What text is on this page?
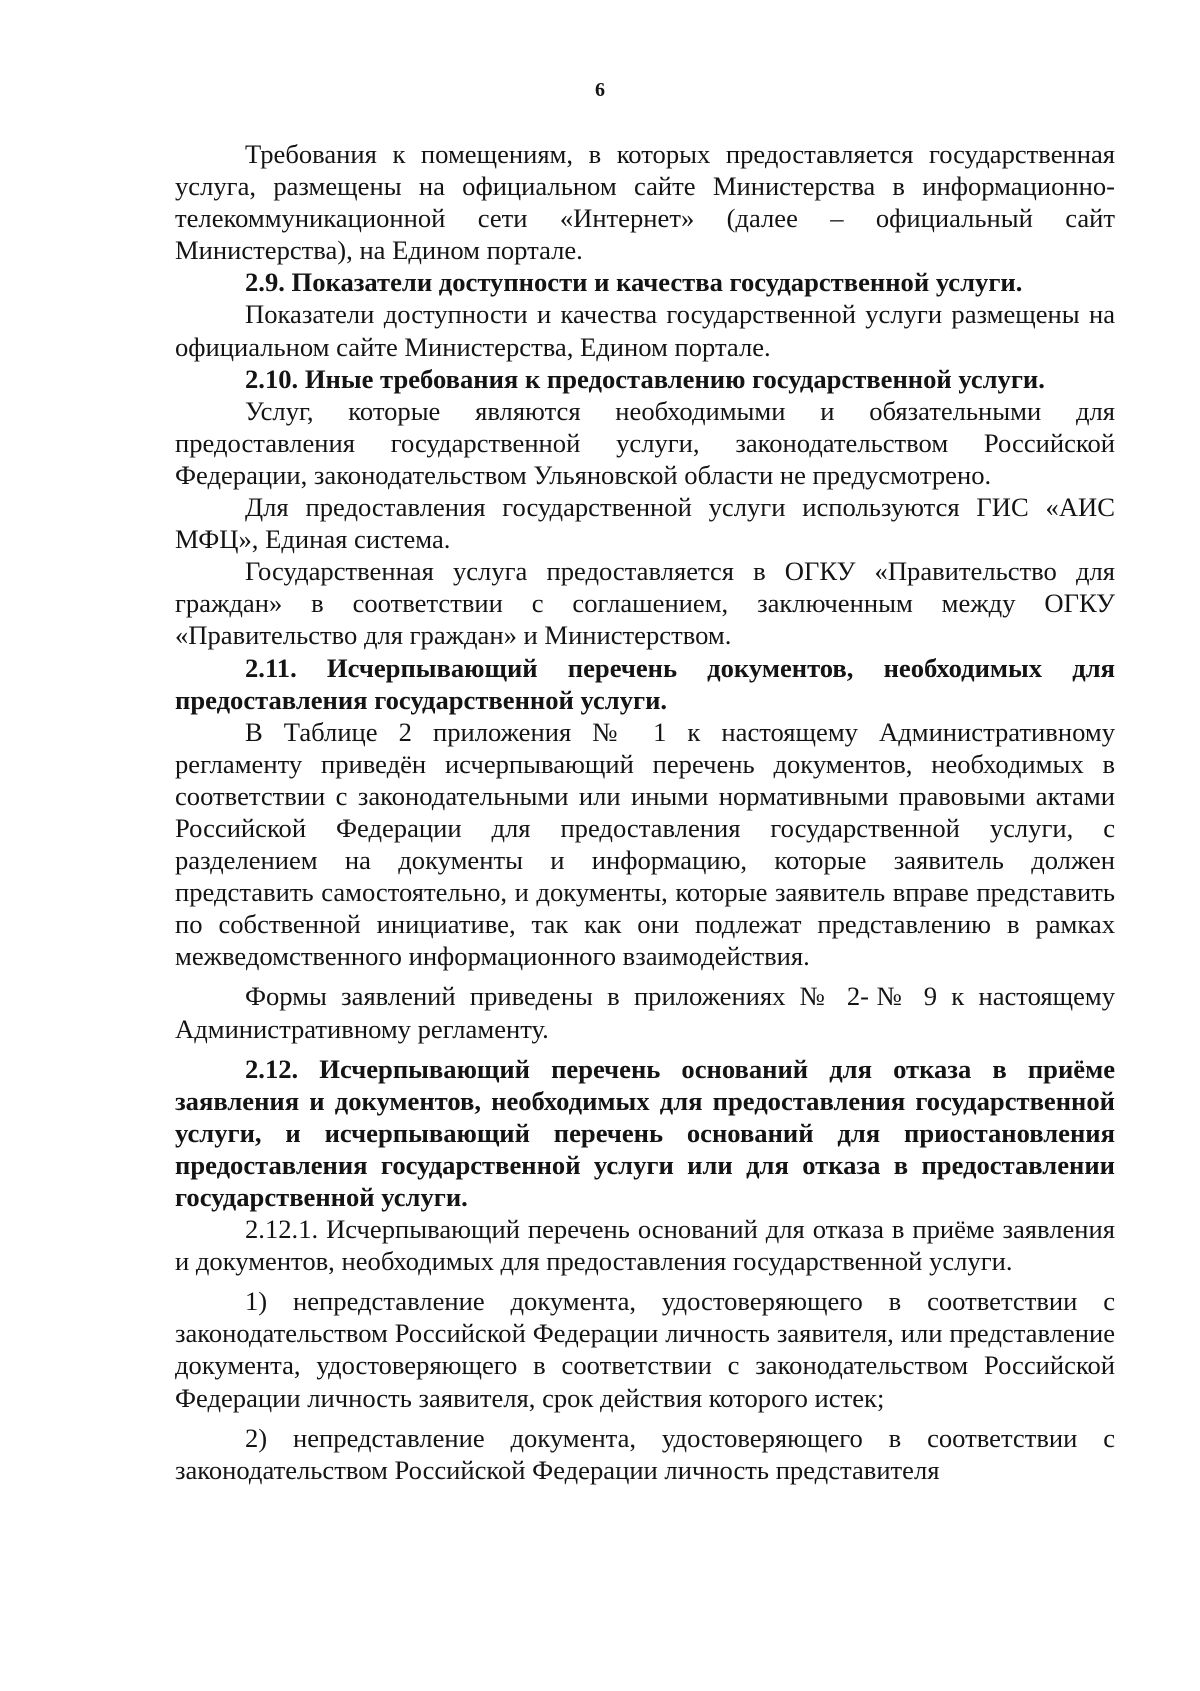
6

Требования к помещениям, в которых предоставляется государственная услуга, размещены на официальном сайте Министерства в информационно-телекоммуникационной сети «Интернет» (далее – официальный сайт Министерства), на Едином портале.

2.9. Показатели доступности и качества государственной услуги.

Показатели доступности и качества государственной услуги размещены на официальном сайте Министерства, Едином портале.

2.10. Иные требования к предоставлению государственной услуги.

Услуг, которые являются необходимыми и обязательными для предоставления государственной услуги, законодательством Российской Федерации, законодательством Ульяновской области не предусмотрено.

Для предоставления государственной услуги используются ГИС «АИС МФЦ», Единая система.

Государственная услуга предоставляется в ОГКУ «Правительство для граждан» в соответствии с соглашением, заключенным между ОГКУ «Правительство для граждан» и Министерством.

2.11. Исчерпывающий перечень документов, необходимых для предоставления государственной услуги.

В Таблице 2 приложения № 1 к настоящему Административному регламенту приведён исчерпывающий перечень документов, необходимых в соответствии с законодательными или иными нормативными правовыми актами Российской Федерации для предоставления государственной услуги, с разделением на документы и информацию, которые заявитель должен представить самостоятельно, и документы, которые заявитель вправе представить по собственной инициативе, так как они подлежат представлению в рамках межведомственного информационного взаимодействия.

Формы заявлений приведены в приложениях № 2-№ 9 к настоящему Административному регламенту.

2.12. Исчерпывающий перечень оснований для отказа в приёме заявления и документов, необходимых для предоставления государственной услуги, и исчерпывающий перечень оснований для приостановления предоставления государственной услуги или для отказа в предоставлении государственной услуги.

2.12.1. Исчерпывающий перечень оснований для отказа в приёме заявления и документов, необходимых для предоставления государственной услуги.

1) непредставление документа, удостоверяющего в соответствии с законодательством Российской Федерации личность заявителя, или представление документа, удостоверяющего в соответствии с законодательством Российской Федерации личность заявителя, срок действия которого истек;

2) непредставление документа, удостоверяющего в соответствии с законодательством Российской Федерации личность представителя
